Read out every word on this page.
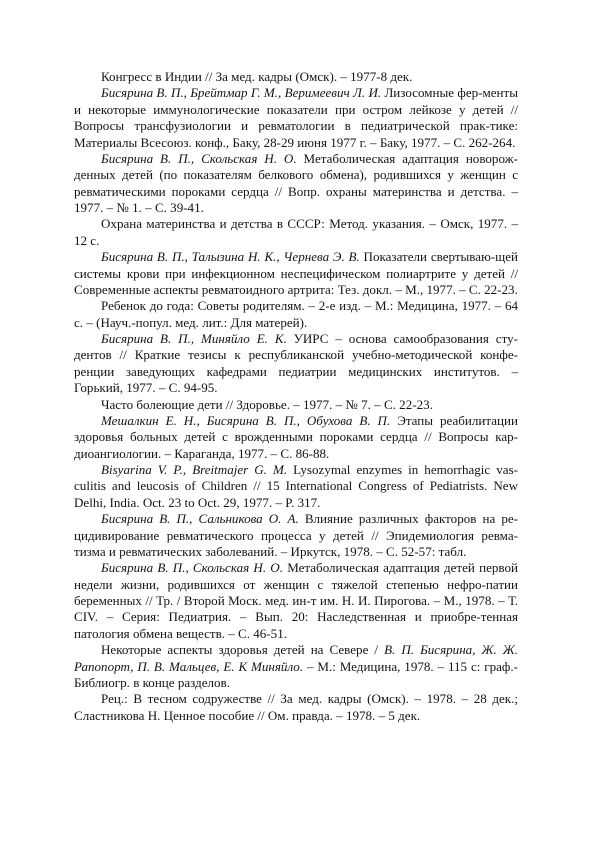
Конгресс в Индии // За мед. кадры (Омск). – 1977-8 дек.

Бисярина В. П., Брейтмар Г. М., Веримеевич Л. И. Лизосомные фер-менты и некоторые иммунологические показатели при остром лейкозе у детей // Вопросы трансфузиологии и ревматологии в педиатрической прак-тике: Материалы Всесоюз. конф., Баку, 28-29 июня 1977 г. – Баку, 1977. – С. 262-264.

Бисярина В. П., Скольская Н. О. Метаболическая адаптация новорож-денных детей (по показателям белкового обмена), родившихся у женщин с ревматическими пороками сердца // Вопр. охраны материнства и детства. – 1977. – № 1. – С. 39-41.

Охрана материнства и детства в СССР: Метод. указания. – Омск, 1977. – 12 с.

Бисярина В. П., Талызина Н. К., Чернева Э. В. Показатели свертываю-щей системы крови при инфекционном неспецифическом полиартрите у детей // Современные аспекты ревматоидного артрита: Тез. докл. – М., 1977. – С. 22-23.

Ребенок до года: Советы родителям. – 2-е изд. – М.: Медицина, 1977. – 64 с. – (Науч.-попул. мед. лит.: Для матерей).

Бисярина В. П., Миняйло Е. К. УИРС – основа самообразования сту-дентов // Краткие тезисы к республиканской учебно-методической конфе-ренции заведующих кафедрами педиатрии медицинских институтов. – Горький, 1977. – С. 94-95.

Часто болеющие дети // Здоровье. – 1977. – № 7. – С. 22-23.

Мешалкин Е. Н., Бисярина В. П., Обухова В. П. Этапы реабилитации здоровья больных детей с врожденными пороками сердца // Вопросы кар-диоангиологии. – Караганда, 1977. – С. 86-88.

Bisyarina V. P., Breitmajer G. M. Lysozymal enzymes in hemorrhagic vas-culitis and leucosis of Children // 15 International Congress of Pediatrists. New Delhi, India. Oct. 23 to Oct. 29, 1977. – P. 317.

Бисярина В. П., Сальникова О. А. Влияние различных факторов на ре-цидивирование ревматического процесса у детей // Эпидемиология ревма-тизма и ревматических заболеваний. – Иркутск, 1978. – С. 52-57: табл.

Бисярина В. П., Скольская Н. О. Метаболическая адаптация детей первой недели жизни, родившихся от женщин с тяжелой степенью нефро-патии беременных // Тр. / Второй Моск. мед. ин-т им. Н. И. Пирогова. – М., 1978. – Т. CIV. – Серия: Педиатрия. – Вып. 20: Наследственная и приобре-тенная патология обмена веществ. – С. 46-51.

Некоторые аспекты здоровья детей на Севере / В. П. Бисярина, Ж. Ж. Рапопорт, П. В. Мальцев, Е. К Миняйло. – М.: Медицина, 1978. – 115 с: граф.-Библиогр. в конце разделов.

Рец.: В тесном содружестве // За мед. кадры (Омск). – 1978. – 28 дек.; Сластникова Н. Ценное пособие // Ом. правда. – 1978. – 5 дек.
